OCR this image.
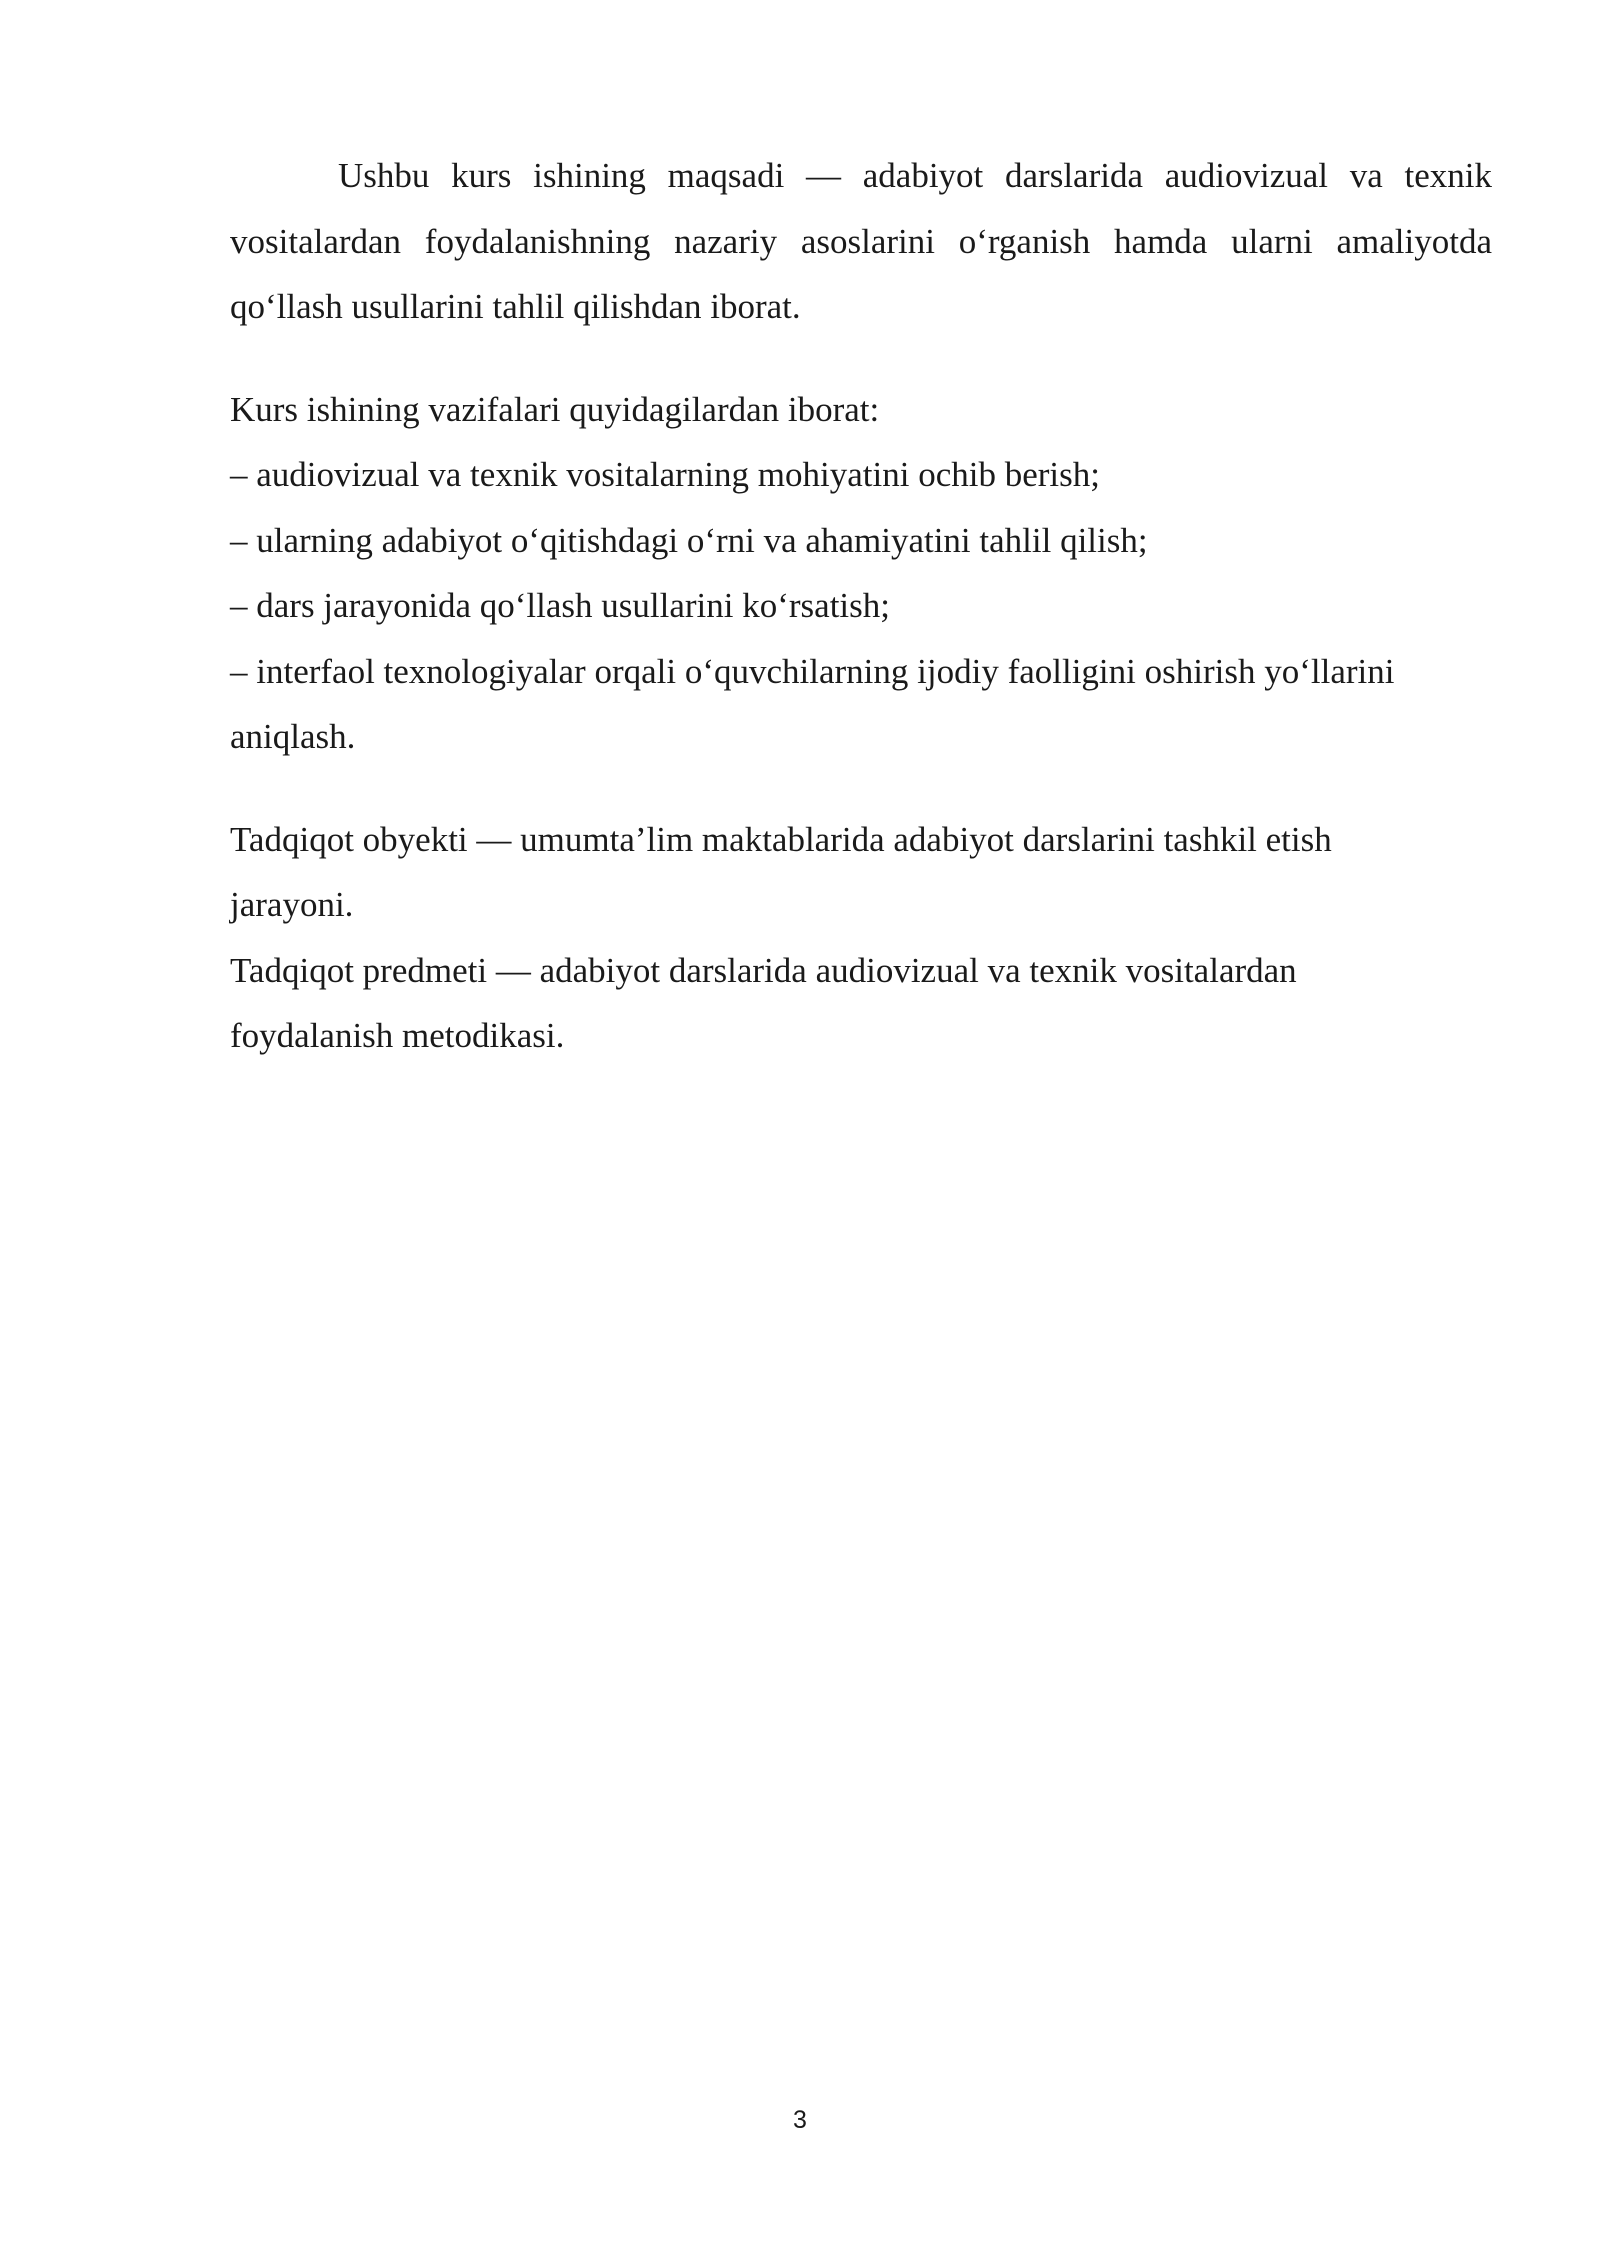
Ushbu kurs ishining maqsadi — adabiyot darslarida audiovizual va texnik vositalardan foydalanishning nazariy asoslarini o‘rganish hamda ularni amaliyotda qo‘llash usullarini tahlil qilishdan iborat.

Kurs ishining vazifalari quyidagilardan iborat:

– audiovizual va texnik vositalarning mohiyatini ochib berish;

– ularning adabiyot o‘qitishdagi o‘rni va ahamiyatini tahlil qilish;

– dars jarayonida qo‘llash usullarini ko‘rsatish;

– interfaol texnologiyalar orqali o‘quvchilarning ijodiy faolligini oshirish yo‘llarini aniqlash.

Tadqiqot obyekti — umumta’lim maktablarida adabiyot darslarini tashkil etish jarayoni.

Tadqiqot predmeti — adabiyot darslarida audiovizual va texnik vositalardan foydalanish metodikasi.

3
